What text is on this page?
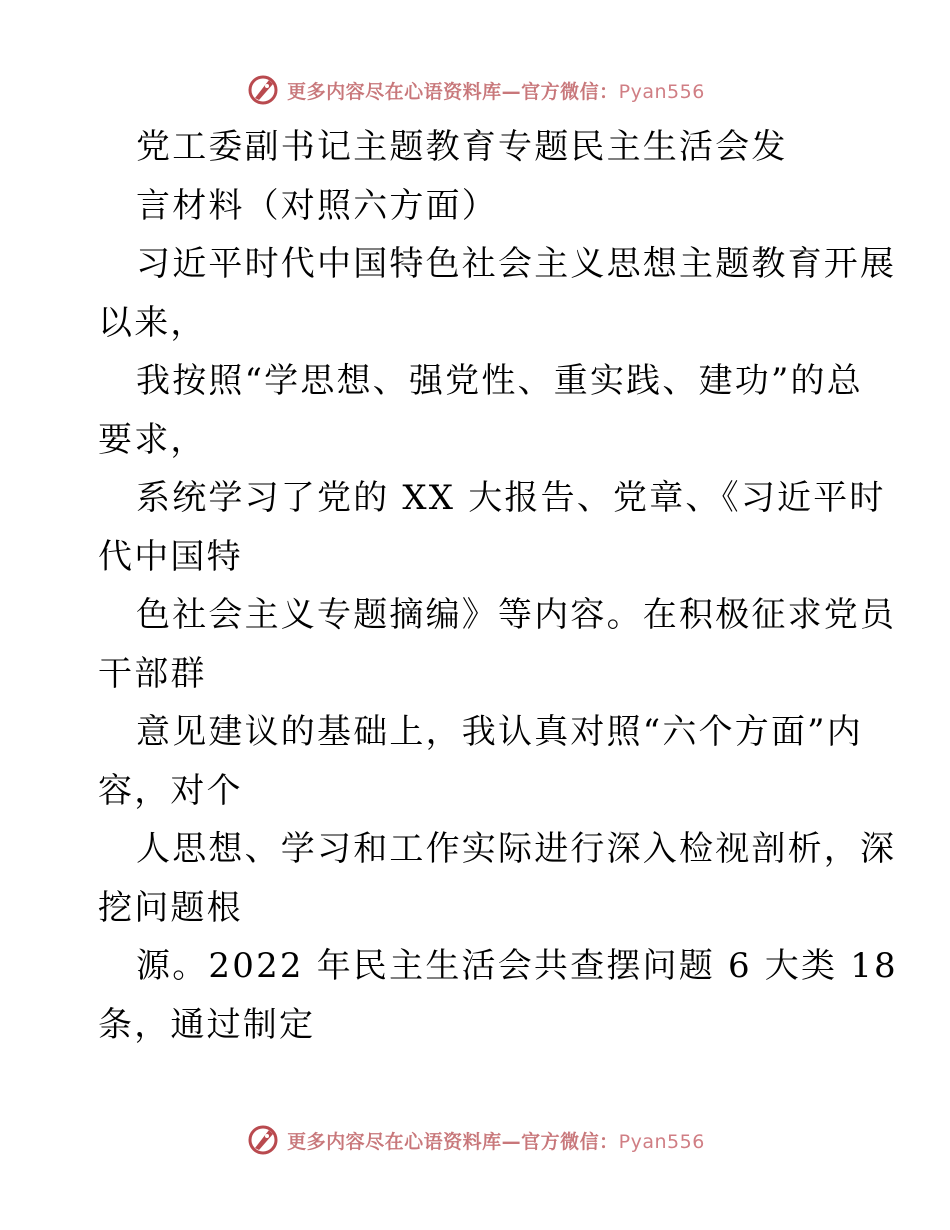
更多内容尽在心语资料库—官方微信：Pyan556
党工委副书记主题教育专题民主生活会发
言材料（对照六方面）
习近平时代中国特色社会主义思想主题教育开展
以来，
我按照“学思想、强党性、重实践、建功”的总
要求，
系统学习了党的 XX 大报告、党章、《习近平时
代中国特
色社会主义专题摘编》等内容。在积极征求党员
干部群
意见建议的基础上，我认真对照“六个方面”内
容，对个
人思想、学习和工作实际进行深入检视剖析，深
挖问题根
源。2022 年民主生活会共查摆问题 6 大类 18
条，通过制定
更多内容尽在心语资料库—官方微信：Pyan556
